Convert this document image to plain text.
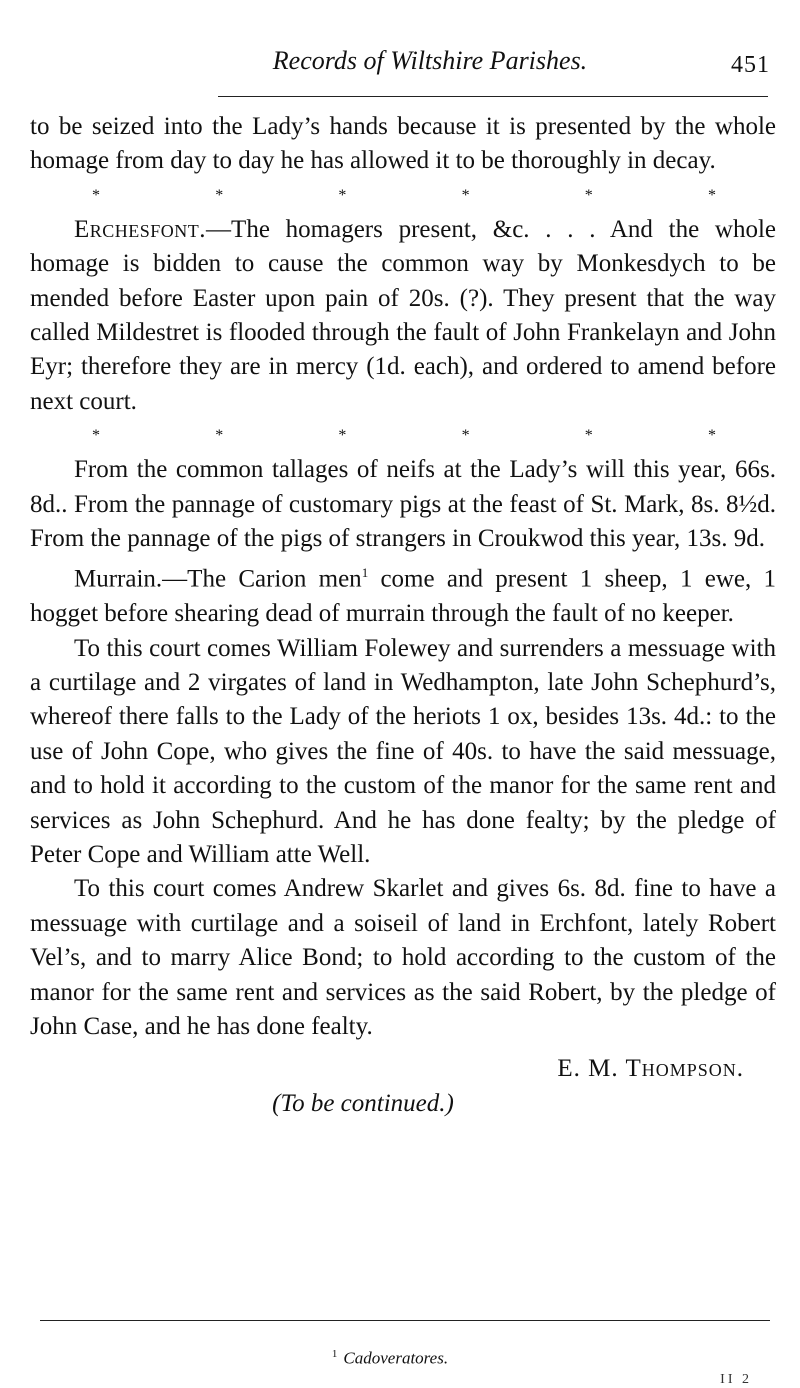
Records of Wiltshire Parishes.	451

to be seized into the Lady’s hands because it is presented by the whole homage from day to day he has allowed it to be thoroughly in decay.

*	*	*	*	*	*

Erchesfont.—The homagers present, &c. . . . And the whole homage is bidden to cause the common way by Monkesdych to be mended before Easter upon pain of 20s. (?). They present that the way called Mildestret is flooded through the fault of John Frankelayn and John Eyr; therefore they are in mercy (1d. each), and ordered to amend before next court.

*	*	*	*	*	*

From the common tallages of neifs at the Lady’s will this year, 66s. 8d.. From the pannage of customary pigs at the feast of St. Mark, 8s. 8½d. From the pannage of the pigs of strangers in Croukwod this year, 13s. 9d.

Murrain.—The Carion men$^1$ come and present 1 sheep, 1 ewe, 1 hogget before shearing dead of murrain through the fault of no keeper.

To this court comes William Folewey and surrenders a messuage with a curtilage and 2 virgates of land in Wedhampton, late John Schephurd’s, whereof there falls to the Lady of the heriots 1 ox, besides 13s. 4d.: to the use of John Cope, who gives the fine of 40s. to have the said messuage, and to hold it according to the custom of the manor for the same rent and services as John Schephurd. And he has done fealty; by the pledge of Peter Cope and William atte Well.

To this court comes Andrew Skarlet and gives 6s. 8d. fine to have a messuage with curtilage and a soiseil of land in Erchfont, lately Robert Vel’s, and to marry Alice Bond; to hold according to the custom of the manor for the same rent and services as the said Robert, by the pledge of John Case, and he has done fealty.

E. M. Thompson.
(To be continued.)
$^1$ Cadoveratores.
II 2
